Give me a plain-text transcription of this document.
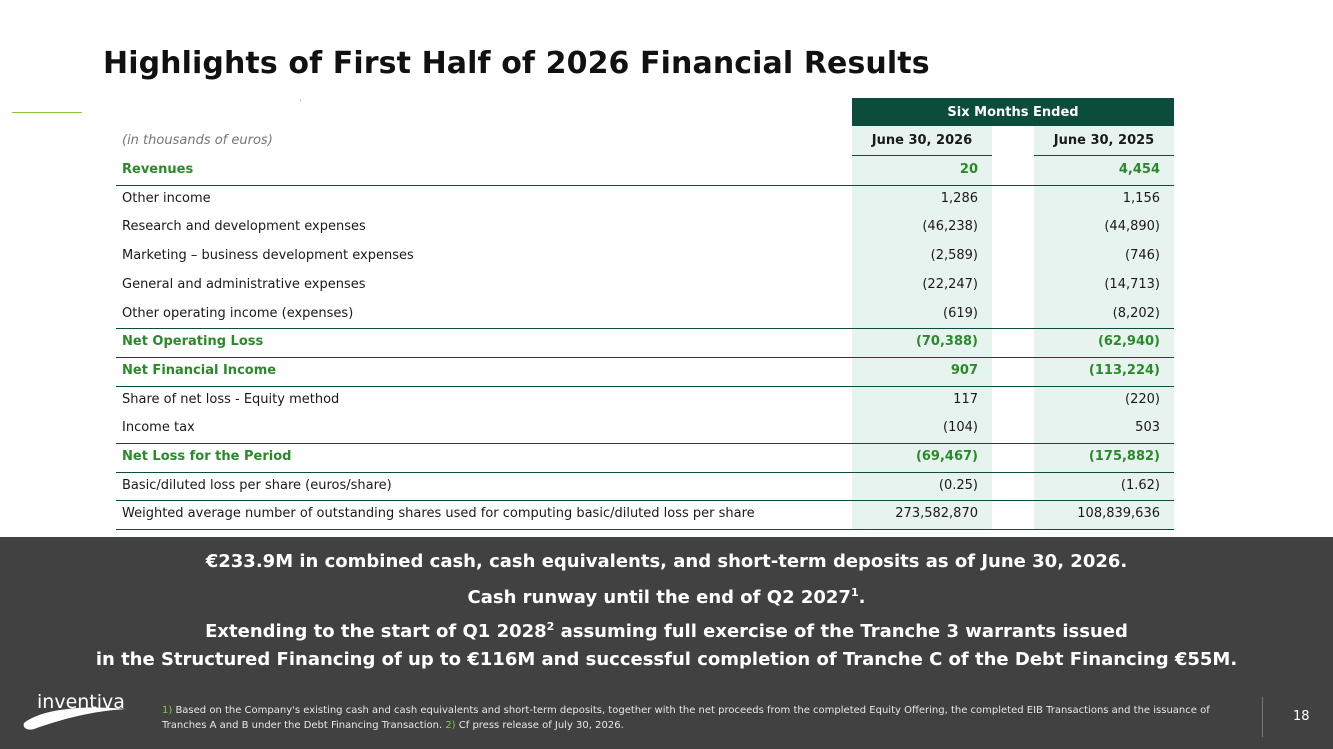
Highlights of First Half of 2026 Financial Results
Six Months Ended
(in thousands of euros)	June 30, 2026	June 30, 2025
Revenues	20	4,454
Other income	1,286	1,156
Research and development expenses	(46,238)	(44,890)
Marketing – business development expenses	(2,589)	(746)
General and administrative expenses	(22,247)	(14,713)
Other operating income (expenses)	(619)	(8,202)
Net Operating Loss	(70,388)	(62,940)
Net Financial Income	907	(113,224)
Share of net loss - Equity method	117	(220)
Income tax	(104)	503
Net Loss for the Period	(69,467)	(175,882)
Basic/diluted loss per share (euros/share)	(0.25)	(1.62)
Weighted average number of outstanding shares used for computing basic/diluted loss per share	273,582,870	108,839,636
€233.9M in combined cash, cash equivalents, and short-term deposits as of June 30, 2026.
Cash runway until the end of Q2 2027$^1$.
Extending to the start of Q1 2028$^2$ assuming full exercise of the Tranche 3 warrants issued
in the Structured Financing of up to €116M and successful completion of Tranche C of the Debt Financing €55M.
inventiva	1) Based on the Company's existing cash and cash equivalents and short-term deposits, together with the net proceeds from the completed Equity Offering, the completed EIB Transactions and the issuance of Tranches A and B under the Debt Financing Transaction. 2) Cf press release of July 30, 2026.
18
